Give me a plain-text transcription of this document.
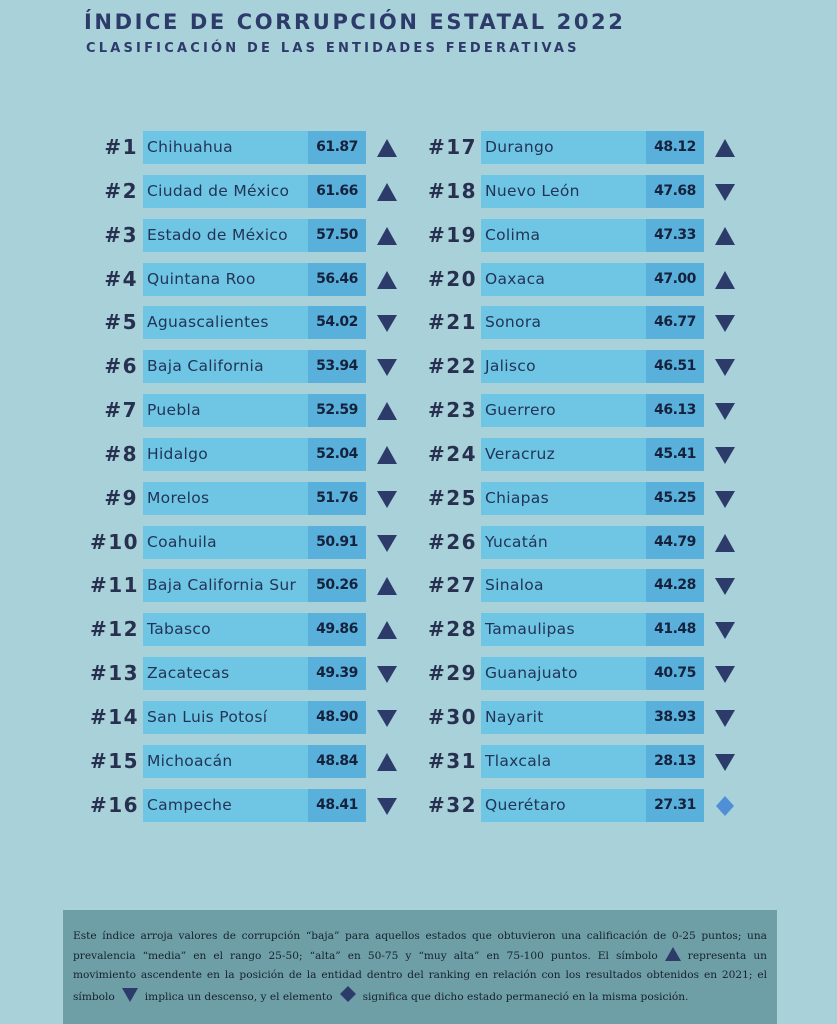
ÍNDICE DE CORRUPCIÓN ESTATAL 2022
CLASIFICACIÓN DE LAS ENTIDADES FEDERATIVAS
#1 Chihuahua	61.87
#2 Ciudad de México	61.66
#3 Estado de México	57.50
#4 Quintana Roo	56.46
#5 Aguascalientes	54.02
#6 Baja California	53.94
#7 Puebla	52.59
#8 Hidalgo	52.04
#9 Morelos	51.76
#10 Coahuila	50.91
#11 Baja California Sur	50.26
#12 Tabasco	49.86
#13 Zacatecas	49.39
#14 San Luis Potosí	48.90
#15 Michoacán	48.84
#16 Campeche	48.41
#17 Durango	48.12
#18 Nuevo León	47.68
#19 Colima	47.33
#20 Oaxaca	47.00
#21 Sonora	46.77
#22 Jalisco	46.51
#23 Guerrero	46.13
#24 Veracruz	45.41
#25 Chiapas	45.25
#26 Yucatán	44.79
#27 Sinaloa	44.28
#28 Tamaulipas	41.48
#29 Guanajuato	40.75
#30 Nayarit	38.93
#31 Tlaxcala	28.13
#32 Querétaro	27.31
Este índice arroja valores de corrupción “baja” para aquellos estados que obtuvieron una calificación de 0-25 puntos; una prevalencia “media” en el rango 25-50; “alta” en 50-75 y “muy alta” en 75-100 puntos. El símbolo	representa un movimiento ascendente en la posición de la entidad dentro del ranking en relación con los resultados obtenidos en 2021; el símbolo	implica un descenso, y el elemento	significa que dicho estado permaneció en la misma posición.
